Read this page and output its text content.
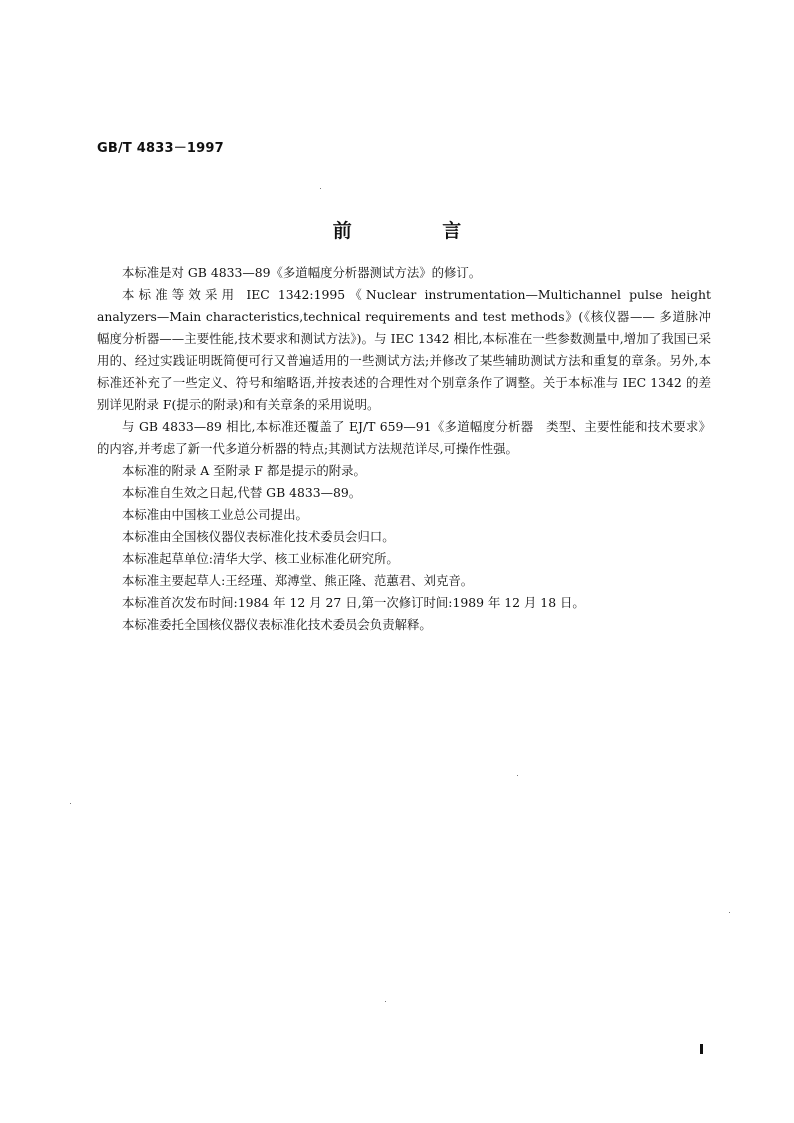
GB/T 4833－1997
前 言

本标准是对 GB 4833—89《多道幅度分析器测试方法》的修订。

本标准等效采用 IEC 1342:1995《Nuclear instrumentation—Multichannel pulse height analyzers—Main characteristics,technical requirements and test methods》(《核仪器—— 多道脉冲幅度分析器——主要性能,技术要求和测试方法》)。与 IEC 1342 相比,本标准在一些参数测量中,增加了我国已采用的、经过实践证明既简便可行又普遍适用的一些测试方法;并修改了某些辅助测试方法和重复的章条。另外,本标准还补充了一些定义、符号和缩略语,并按表述的合理性对个别章条作了调整。关于本标准与 IEC 1342 的差别详见附录 F(提示的附录)和有关章条的采用说明。

与 GB 4833—89 相比,本标准还覆盖了 EJ/T 659—91《多道幅度分析器　类型、主要性能和技术要求》的内容,并考虑了新一代多道分析器的特点;其测试方法规范详尽,可操作性强。

本标准的附录 A 至附录 F 都是提示的附录。

本标准自生效之日起,代替 GB 4833—89。

本标准由中国核工业总公司提出。

本标准由全国核仪器仪表标准化技术委员会归口。

本标准起草单位:清华大学、核工业标准化研究所。

本标准主要起草人:王经瑾、郑溥堂、熊正隆、范蕙君、刘克音。

本标准首次发布时间:1984 年 12 月 27 日,第一次修订时间:1989 年 12 月 18 日。

本标准委托全国核仪器仪表标准化技术委员会负责解释。
